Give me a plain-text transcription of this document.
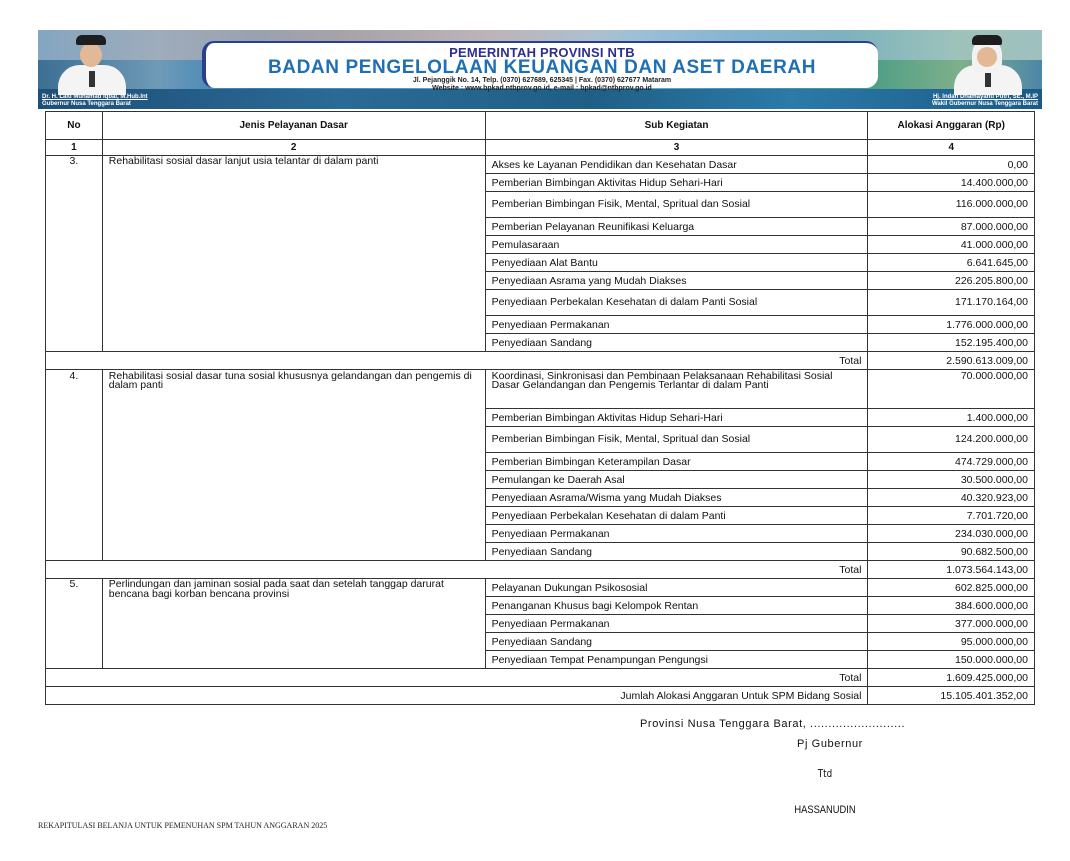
Dr. H. Lalu Muhamad Iqbal, M.Hub.Int
Gubernur Nusa Tenggara Barat
PEMERINTAH PROVINSI NTB
BADAN PENGELOLAAN KEUANGAN DAN ASET DAERAH
Jl. Pejanggik No. 14, Telp. (0370) 627689, 625345 | Fax. (0370) 627677 Mataram
Website : www.bpkad.ntbprov.go.id, e-mail : bpkad@ntbprov.go.id
Hj. Indah Dhamayanti Putri, SE., M.IP
Wakil Gubernur Nusa Tenggara Barat
No	Jenis Pelayanan Dasar	Sub Kegiatan	Alokasi Anggaran (Rp)
1	2	3	4
3.	Rehabilitasi sosial dasar lanjut usia telantar di dalam panti	Akses ke Layanan Pendidikan dan Kesehatan Dasar	0,00
		Pemberian Bimbingan Aktivitas Hidup Sehari-Hari	14.400.000,00
		Pemberian Bimbingan Fisik, Mental, Spritual dan Sosial	116.000.000,00
		Pemberian Pelayanan Reunifikasi Keluarga	87.000.000,00
		Pemulasaraan	41.000.000,00
		Penyediaan Alat Bantu	6.641.645,00
		Penyediaan Asrama yang Mudah Diakses	226.205.800,00
		Penyediaan Perbekalan Kesehatan di dalam Panti Sosial	171.170.164,00
		Penyediaan Permakanan	1.776.000.000,00
		Penyediaan Sandang	152.195.400,00
Total			2.590.613.009,00
4.	Rehabilitasi sosial dasar tuna sosial khususnya gelandangan dan pengemis di dalam panti	Koordinasi, Sinkronisasi dan Pembinaan Pelaksanaan Rehabilitasi Sosial Dasar Gelandangan dan Pengemis Terlantar di dalam Panti	70.000.000,00
		Pemberian Bimbingan Aktivitas Hidup Sehari-Hari	1.400.000,00
		Pemberian Bimbingan Fisik, Mental, Spritual dan Sosial	124.200.000,00
		Pemberian Bimbingan Keterampilan Dasar	474.729.000,00
		Pemulangan ke Daerah Asal	30.500.000,00
		Penyediaan Asrama/Wisma yang Mudah Diakses	40.320.923,00
		Penyediaan Perbekalan Kesehatan di dalam Panti	7.701.720,00
		Penyediaan Permakanan	234.030.000,00
		Penyediaan Sandang	90.682.500,00
Total			1.073.564.143,00
5.	Perlindungan dan jaminan sosial pada saat dan setelah tanggap darurat bencana bagi korban bencana provinsi	Pelayanan Dukungan Psikososial	602.825.000,00
		Penanganan Khusus bagi Kelompok Rentan	384.600.000,00
		Penyediaan Permakanan	377.000.000,00
		Penyediaan Sandang	95.000.000,00
		Penyediaan Tempat Penampungan Pengungsi	150.000.000,00
Total			1.609.425.000,00
Jumlah Alokasi Anggaran Untuk SPM Bidang Sosial			15.105.401.352,00
Provinsi Nusa Tenggara Barat, ..........................
Pj Gubernur
Ttd
HASSANUDIN
REKAPITULASI BELANJA UNTUK PEMENUHAN SPM TAHUN ANGGARAN 2025
